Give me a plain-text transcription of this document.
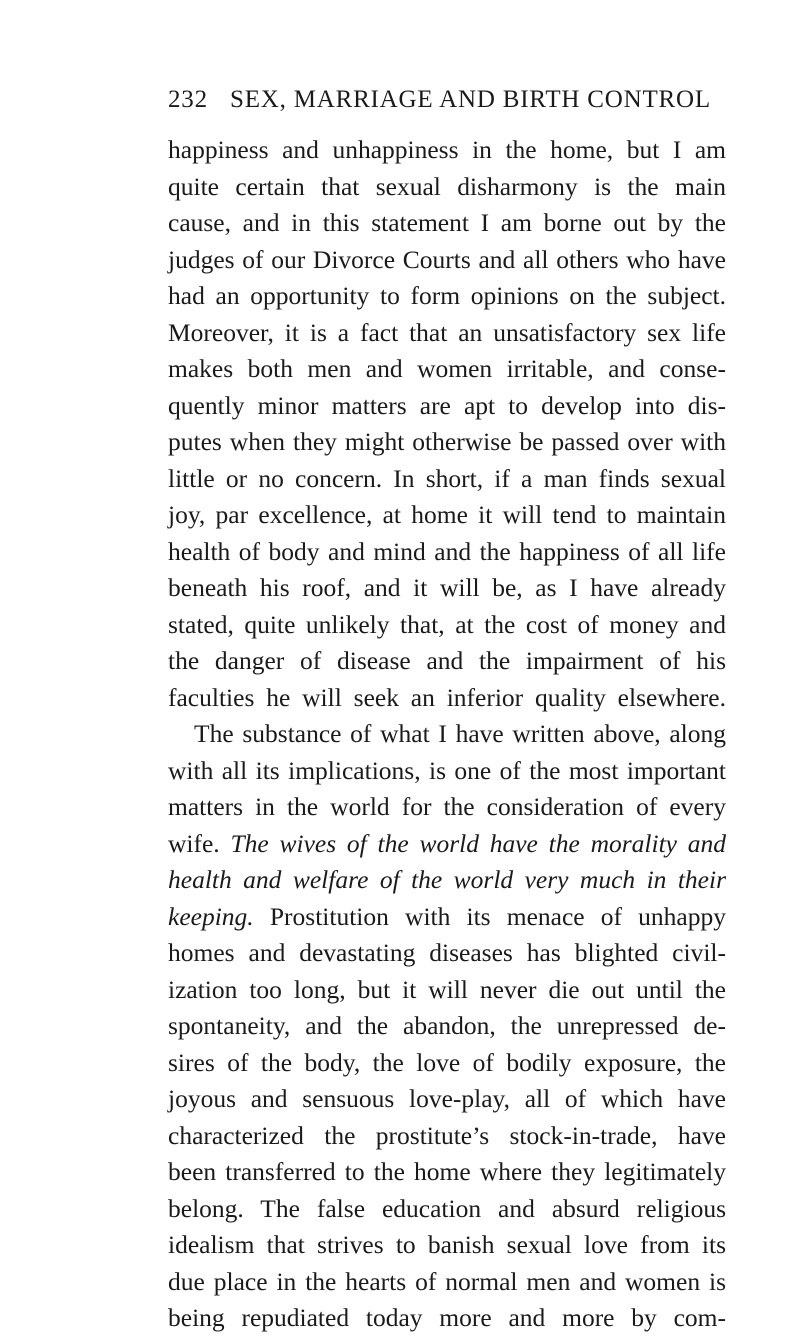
232 SEX, MARRIAGE AND BIRTH CONTROL
happiness and unhappiness in the home, but I am
quite certain that sexual disharmony is the main
cause, and in this statement I am borne out by the
judges of our Divorce Courts and all others who have
had an opportunity to form opinions on the subject.
Moreover, it is a fact that an unsatisfactory sex life
makes both men and women irritable, and conse-
quently minor matters are apt to develop into dis-
putes when they might otherwise be passed over with
little or no concern. In short, if a man finds sexual
joy, par excellence, at home it will tend to maintain
health of body and mind and the happiness of all life
beneath his roof, and it will be, as I have already
stated, quite unlikely that, at the cost of money and
the danger of disease and the impairment of his
faculties he will seek an inferior quality elsewhere.
The substance of what I have written above, along
with all its implications, is one of the most important
matters in the world for the consideration of every
wife. The wives of the world have the morality and
health and welfare of the world very much in their
keeping. Prostitution with its menace of unhappy
homes and devastating diseases has blighted civil-
ization too long, but it will never die out until the
spontaneity, and the abandon, the unrepressed de-
sires of the body, the love of bodily exposure, the
joyous and sensuous love-play, all of which have
characterized the prostitute’s stock-in-trade, have
been transferred to the home where they legitimately
belong. The false education and absurd religious
idealism that strives to banish sexual love from its
due place in the hearts of normal men and women is
being repudiated today more and more by com-
